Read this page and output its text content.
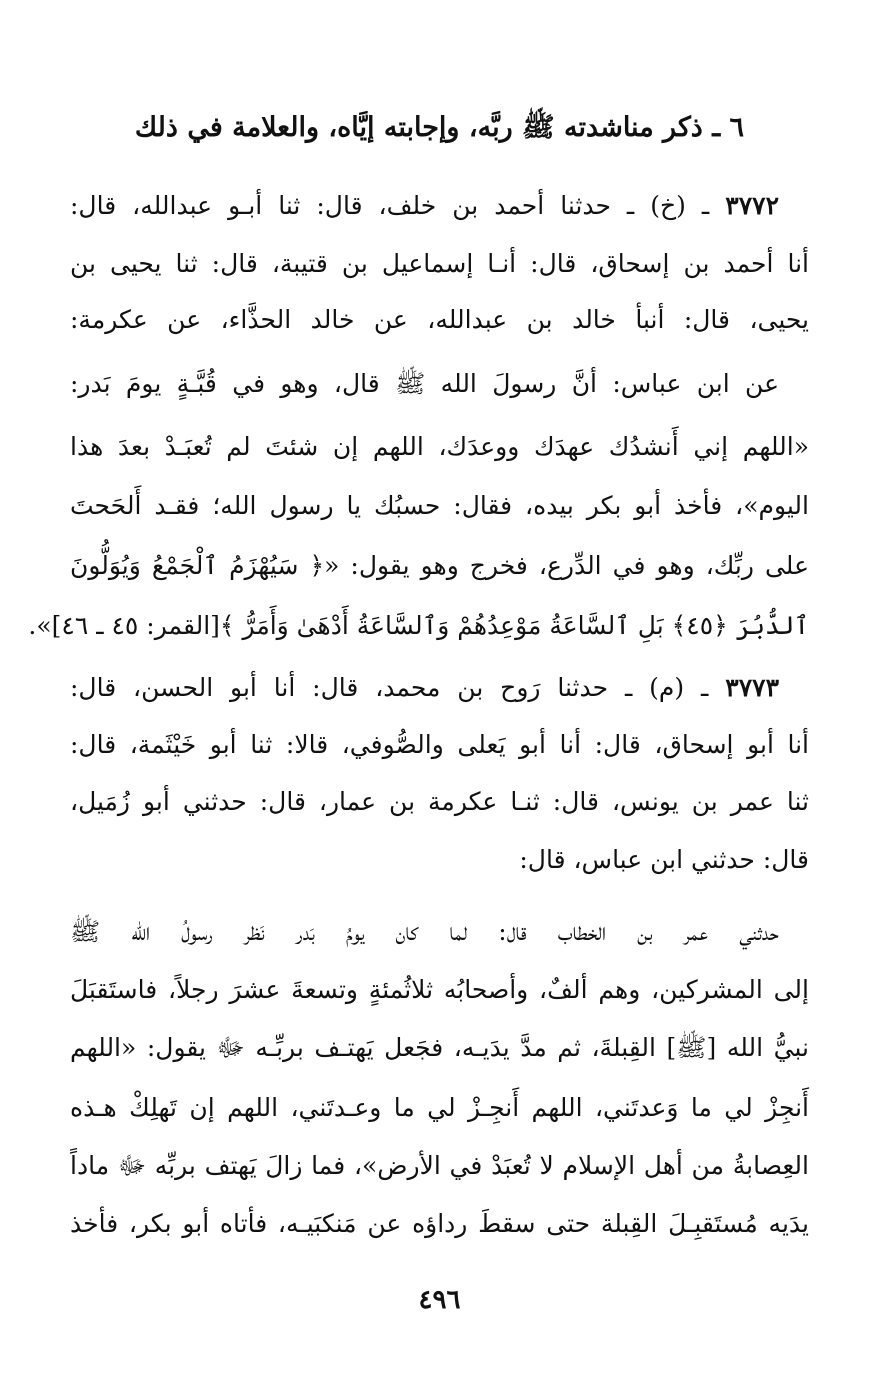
٦ ـ ذكر مناشدته ﷺ ربَّه، وإجابته إيَّاه، والعلامة في ذلك
٣٧٧٢ ـ (خ) ـ حدثنا أحمد بن خلف، قال: ثنا أبـو عبدالله، قال:
أنا أحمد بن إسحاق، قال: أنـا إسماعيل بن قتيبة، قال: ثنا يحيى بن
يحيى، قال: أنبأ خالد بن عبدالله، عن خالد الحذَّاء، عن عكرمة:
عن ابن عباس: أنَّ رسولَ الله ﷺ قال، وهو في قُبَّـةٍ يومَ بَدر:
«اللهم إني أَنشدُك عهدَك ووعدَك، اللهم إن شئتَ لم تُعبَـدْ بعدَ هذا
اليوم»، فأخذ أبو بكر بيده، فقال: حسبُك يا رسول الله؛ فقـد أَلحَحتَ
على ربِّك، وهو في الدِّرع، فخرج وهو يقول: «﴿ سَيُهْزَمُ ٱلْجَمْعُ وَيُوَلُّونَ
ٱلدُّبُرَ ﴿٤٥﴾ بَلِ ٱلسَّاعَةُ مَوْعِدُهُمْ وَٱلسَّاعَةُ أَدْهَىٰ وَأَمَرُّ ﴾[القمر: ٤٥ ـ ٤٦]».
٣٧٧٣ ـ (م) ـ حدثنا رَوح بن محمد، قال: أنا أبو الحسن، قال:
أنا أبو إسحاق، قال: أنا أبو يَعلى والصُّوفي، قالا: ثنا أبو خَيْثَمة، قال:
ثنا عمر بن يونس، قال: ثنـا عكرمة بن عمار، قال: حدثني أبو زُمَيل،
قال: حدثني ابن عباس، قال:
حدثني عمر بن الخطاب قال: لما كان يومُ بَدر نَظر رسولُ الله ﷺ
إلى المشركين، وهم ألفٌ، وأصحابُه ثلاثُمئةٍ وتسعةَ عشرَ رجلاً، فاستَقبَلَ
نبيُّ الله [ﷺ] القِبلةَ، ثم مدَّ يدَيـه، فجَعل يَهتـف بربِّـه ﷻ يقول: «اللهم
أَنجِزْ لي ما وَعدتَني، اللهم أَنجِـزْ لي ما وعـدتَني، اللهم إن تَهلِكْ هـذه
العِصابةُ من أهل الإسلام لا تُعبَدْ في الأرض»، فما زالَ يَهتف بربِّه ﷻ ماداً
يدَيه مُستَقبِـلَ القِبلة حتى سقطَ رداؤه عن مَنكبَيـه، فأتاه أبو بكر، فأخذ
٤٩٦
